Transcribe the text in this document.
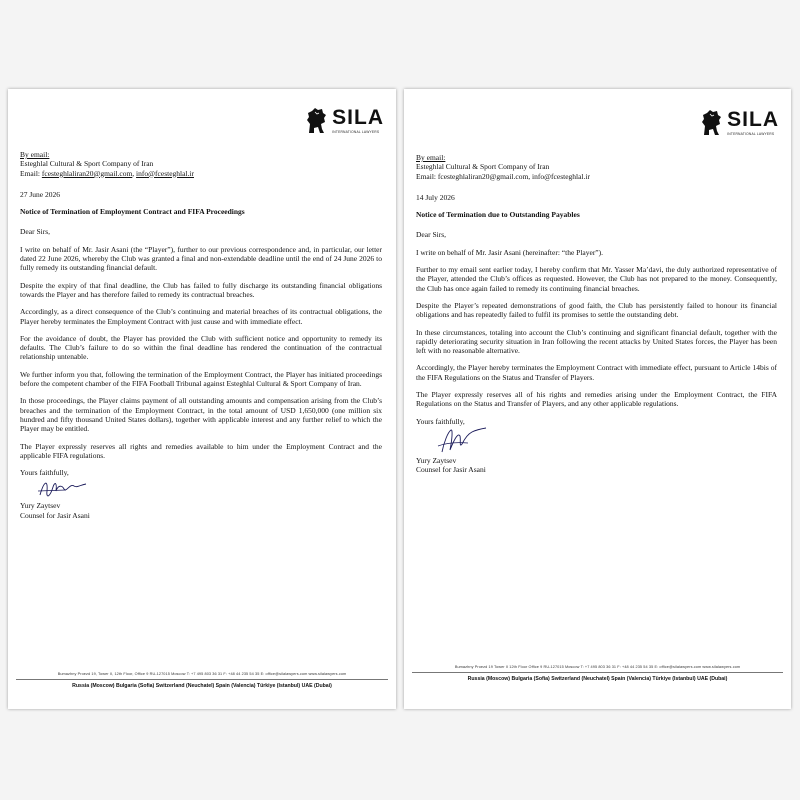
SILA
INTERNATIONAL LAWYERS
By email:
Esteghlal Cultural & Sport Company of Iran
Email: fcesteghlaliran20@gmail.com, info@fcesteghlal.ir

27 June 2026

Notice of Termination of Employment Contract and FIFA Proceedings

Dear Sirs,

I write on behalf of Mr. Jasir Asani (the “Player”), further to our previous correspondence and, in particular, our letter dated 22 June 2026, whereby the Club was granted a final and non-extendable deadline until the end of 24 June 2026 to fully remedy its outstanding financial default.

Despite the expiry of that final deadline, the Club has failed to fully discharge its outstanding financial obligations towards the Player and has therefore failed to remedy its contractual breaches.

Accordingly, as a direct consequence of the Club’s continuing and material breaches of its contractual obligations, the Player hereby terminates the Employment Contract with just cause and with immediate effect.

For the avoidance of doubt, the Player has provided the Club with sufficient notice and opportunity to remedy its defaults. The Club’s failure to do so within the final deadline has rendered the continuation of the contractual relationship untenable.

We further inform you that, following the termination of the Employment Contract, the Player has initiated proceedings before the competent chamber of the FIFA Football Tribunal against Esteghlal Cultural & Sport Company of Iran.

In those proceedings, the Player claims payment of all outstanding amounts and compensation arising from the Club’s breaches and the termination of the Employment Contract, in the total amount of USD 1,650,000 (one million six hundred and fifty thousand United States dollars), together with applicable interest and any further relief to which the Player may be entitled.

The Player expressly reserves all rights and remedies available to him under the Employment Contract and the applicable FIFA regulations.

Yours faithfully,

Yury Zaytsev

Counsel for Jasir Asani

Bumazhny Proezd 19, Tower II, 12th Floor, Office 9 RU-127015 Moscow T: +7 495 803 36 31 F: +48 44 235 54 35 E: office@silalawyers.com www.silalawyers.com
Russia (Moscow) Bulgaria (Sofia) Switzerland (Neuchatel) Spain (Valencia) Türkiye (Istanbul) UAE (Dubai)
SILA
INTERNATIONAL LAWYERS
By email:
Esteghlal Cultural & Sport Company of Iran
Email: fcesteghlaliran20@gmail.com, info@fcesteghlal.ir

14 July 2026

Notice of Termination due to Outstanding Payables

Dear Sirs,

I write on behalf of Mr. Jasir Asani (hereinafter: “the Player”).

Further to my email sent earlier today, I hereby confirm that Mr. Yasser Ma’davi, the duly authorized representative of the Player, attended the Club’s offices as requested. However, the Club has not prepared to the money. Consequently, the Club has once again failed to remedy its continuing financial breaches.

Despite the Player’s repeated demonstrations of good faith, the Club has persistently failed to honour its financial obligations and has repeatedly failed to fulfil its promises to settle the outstanding debt.

In these circumstances, totaling into account the Club’s continuing and significant financial default, together with the rapidly deteriorating security situation in Iran following the recent attacks by United States forces, the Player has been left with no reasonable alternative.

Accordingly, the Player hereby terminates the Employment Contract with immediate effect, pursuant to Article 14bis of the FIFA Regulations on the Status and Transfer of Players.

The Player expressly reserves all of his rights and remedies arising under the Employment Contract, the FIFA Regulations on the Status and Transfer of Players, and any other applicable regulations.

Yours faithfully,

Yury Zaytsev

Counsel for Jasir Asani

Bumazhny Proezd 19 Tower II 12th Floor Office 9 RU-127015 Moscow T: +7 495 803 36 31 F: +48 44 235 54 35 E: office@silalawyers.com www.silalawyers.com
Russia (Moscow) Bulgaria (Sofia) Switzerland (Neuchatel) Spain (Valencia) Türkiye (Istanbul) UAE (Dubai)
